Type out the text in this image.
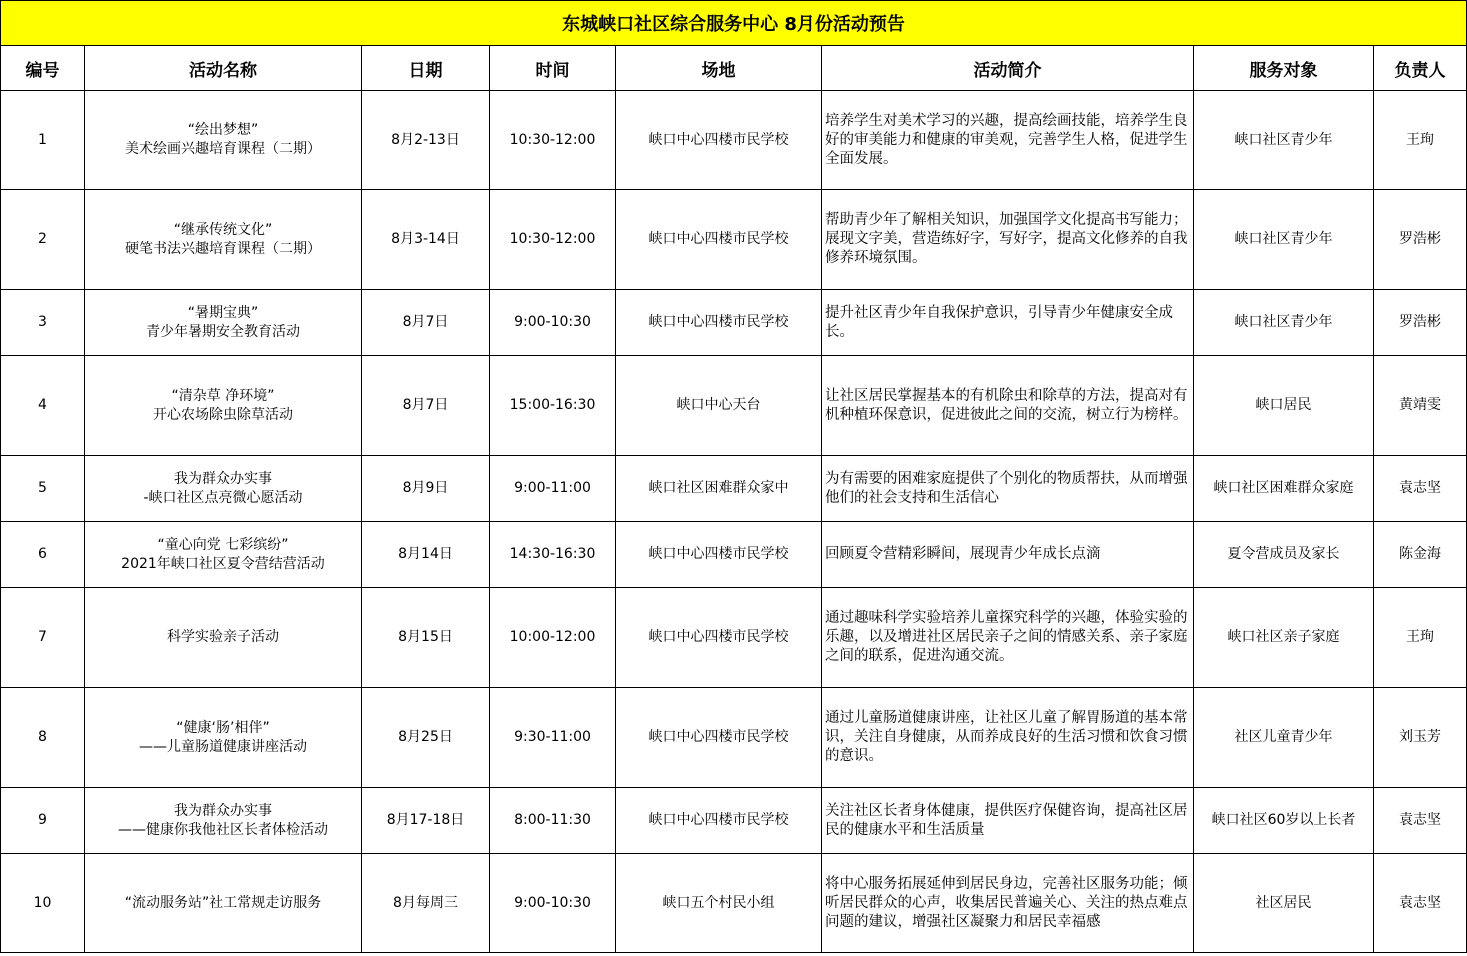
东城峡口社区综合服务中心 8月份活动预告							
编号	活动名称	日期	时间	场地	活动简介	服务对象	负责人
1	“绘出梦想”
美术绘画兴趣培育课程（二期）	8月2-13日	10:30-12:00	峡口中心四楼市民学校	培养学生对美术学习的兴趣，提高绘画技能，培养学生良好的审美能力和健康的审美观，完善学生人格，促进学生全面发展。	峡口社区青少年	王珣
2	“继承传统文化”
硬笔书法兴趣培育课程（二期）	8月3-14日	10:30-12:00	峡口中心四楼市民学校	帮助青少年了解相关知识，加强国学文化提高书写能力；展现文字美，营造练好字，写好字，提高文化修养的自我修养环境氛围。	峡口社区青少年	罗浩彬
3	“暑期宝典”
青少年暑期安全教育活动	8月7日	9:00-10:30	峡口中心四楼市民学校	提升社区青少年自我保护意识，引导青少年健康安全成长。	峡口社区青少年	罗浩彬
4	“清杂草 净环境”
开心农场除虫除草活动	8月7日	15:00-16:30	峡口中心天台	让社区居民掌握基本的有机除虫和除草的方法，提高对有机种植环保意识，促进彼此之间的交流，树立行为榜样。	峡口居民	黄靖雯
5	我为群众办实事
-峡口社区点亮微心愿活动	8月9日	9:00-11:00	峡口社区困难群众家中	为有需要的困难家庭提供了个别化的物质帮扶，从而增强他们的社会支持和生活信心	峡口社区困难群众家庭	袁志坚
6	“童心向党 七彩缤纷”
2021年峡口社区夏令营结营活动	8月14日	14:30-16:30	峡口中心四楼市民学校	回顾夏令营精彩瞬间，展现青少年成长点滴	夏令营成员及家长	陈金海
7	科学实验亲子活动	8月15日	10:00-12:00	峡口中心四楼市民学校	通过趣味科学实验培养儿童探究科学的兴趣，体验实验的乐趣，以及增进社区居民亲子之间的情感关系、亲子家庭之间的联系，促进沟通交流。	峡口社区亲子家庭	王珣
8	“健康‘肠’相伴”
——儿童肠道健康讲座活动	8月25日	9:30-11:00	峡口中心四楼市民学校	通过儿童肠道健康讲座，让社区儿童了解胃肠道的基本常识，关注自身健康，从而养成良好的生活习惯和饮食习惯的意识。	社区儿童青少年	刘玉芳
9	我为群众办实事
——健康你我他社区长者体检活动	8月17-18日	8:00-11:30	峡口中心四楼市民学校	关注社区长者身体健康，提供医疗保健咨询，提高社区居民的健康水平和生活质量	峡口社区60岁以上长者	袁志坚
10	“流动服务站”社工常规走访服务	8月每周三	9:00-10:30	峡口五个村民小组	将中心服务拓展延伸到居民身边，完善社区服务功能；倾听居民群众的心声，收集居民普遍关心、关注的热点难点问题的建议，增强社区凝聚力和居民幸福感	社区居民	袁志坚
